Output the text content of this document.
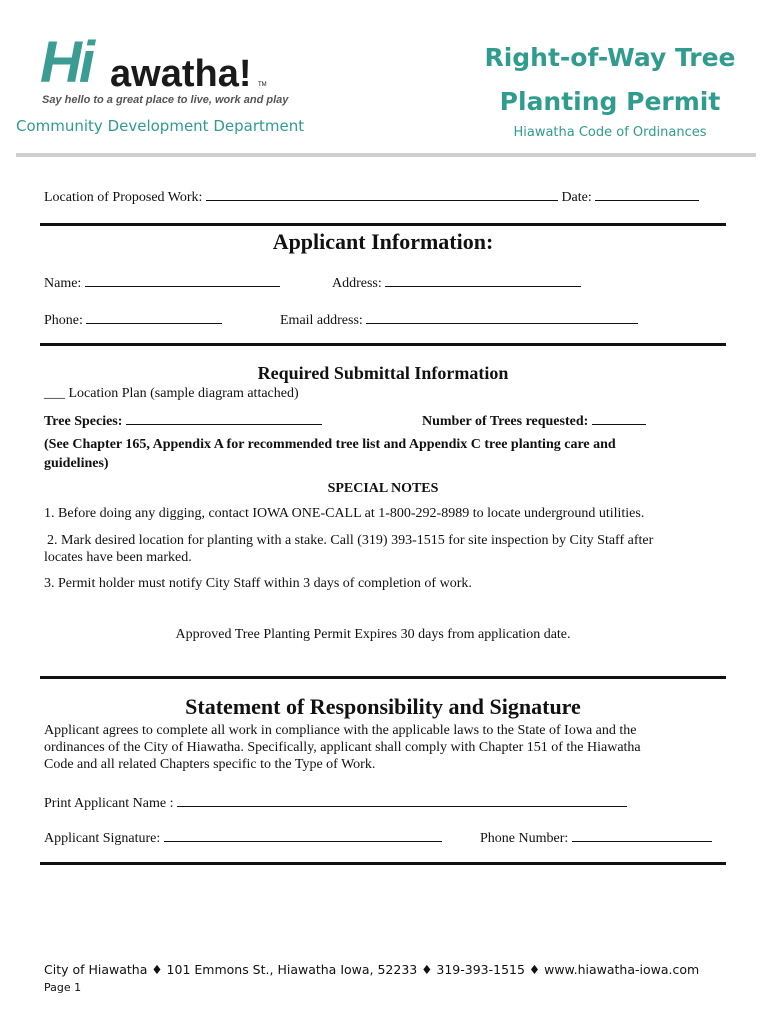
Hi awatha! TM
Say hello to a great place to live, work and play
Community Development Department
Right-of-Way Tree
Planting Permit
Hiawatha Code of Ordinances
Location of Proposed Work:	Date:
Applicant Information:
Name:	Address:
Phone:	Email address:
Required Submittal Information
___ Location Plan (sample diagram attached)
Tree Species:	Number of Trees requested:
(See Chapter 165, Appendix A for recommended tree list and Appendix C tree planting care and
guidelines)
SPECIAL NOTES
1. Before doing any digging, contact IOWA ONE-CALL at 1-800-292-8989 to locate underground utilities.
2. Mark desired location for planting with a stake. Call (319) 393-1515 for site inspection by City Staff after
locates have been marked.
3. Permit holder must notify City Staff within 3 days of completion of work.
Approved Tree Planting Permit Expires 30 days from application date.
Statement of Responsibility and Signature
Applicant agrees to complete all work in compliance with the applicable laws to the State of Iowa and the
ordinances of the City of Hiawatha. Specifically, applicant shall comply with Chapter 151 of the Hiawatha
Code and all related Chapters specific to the Type of Work.
Print Applicant Name :
Applicant Signature:	Phone Number:
City of Hiawatha ♦ 101 Emmons St., Hiawatha Iowa, 52233 ♦ 319-393-1515 ♦ www.hiawatha-iowa.com
Page 1
